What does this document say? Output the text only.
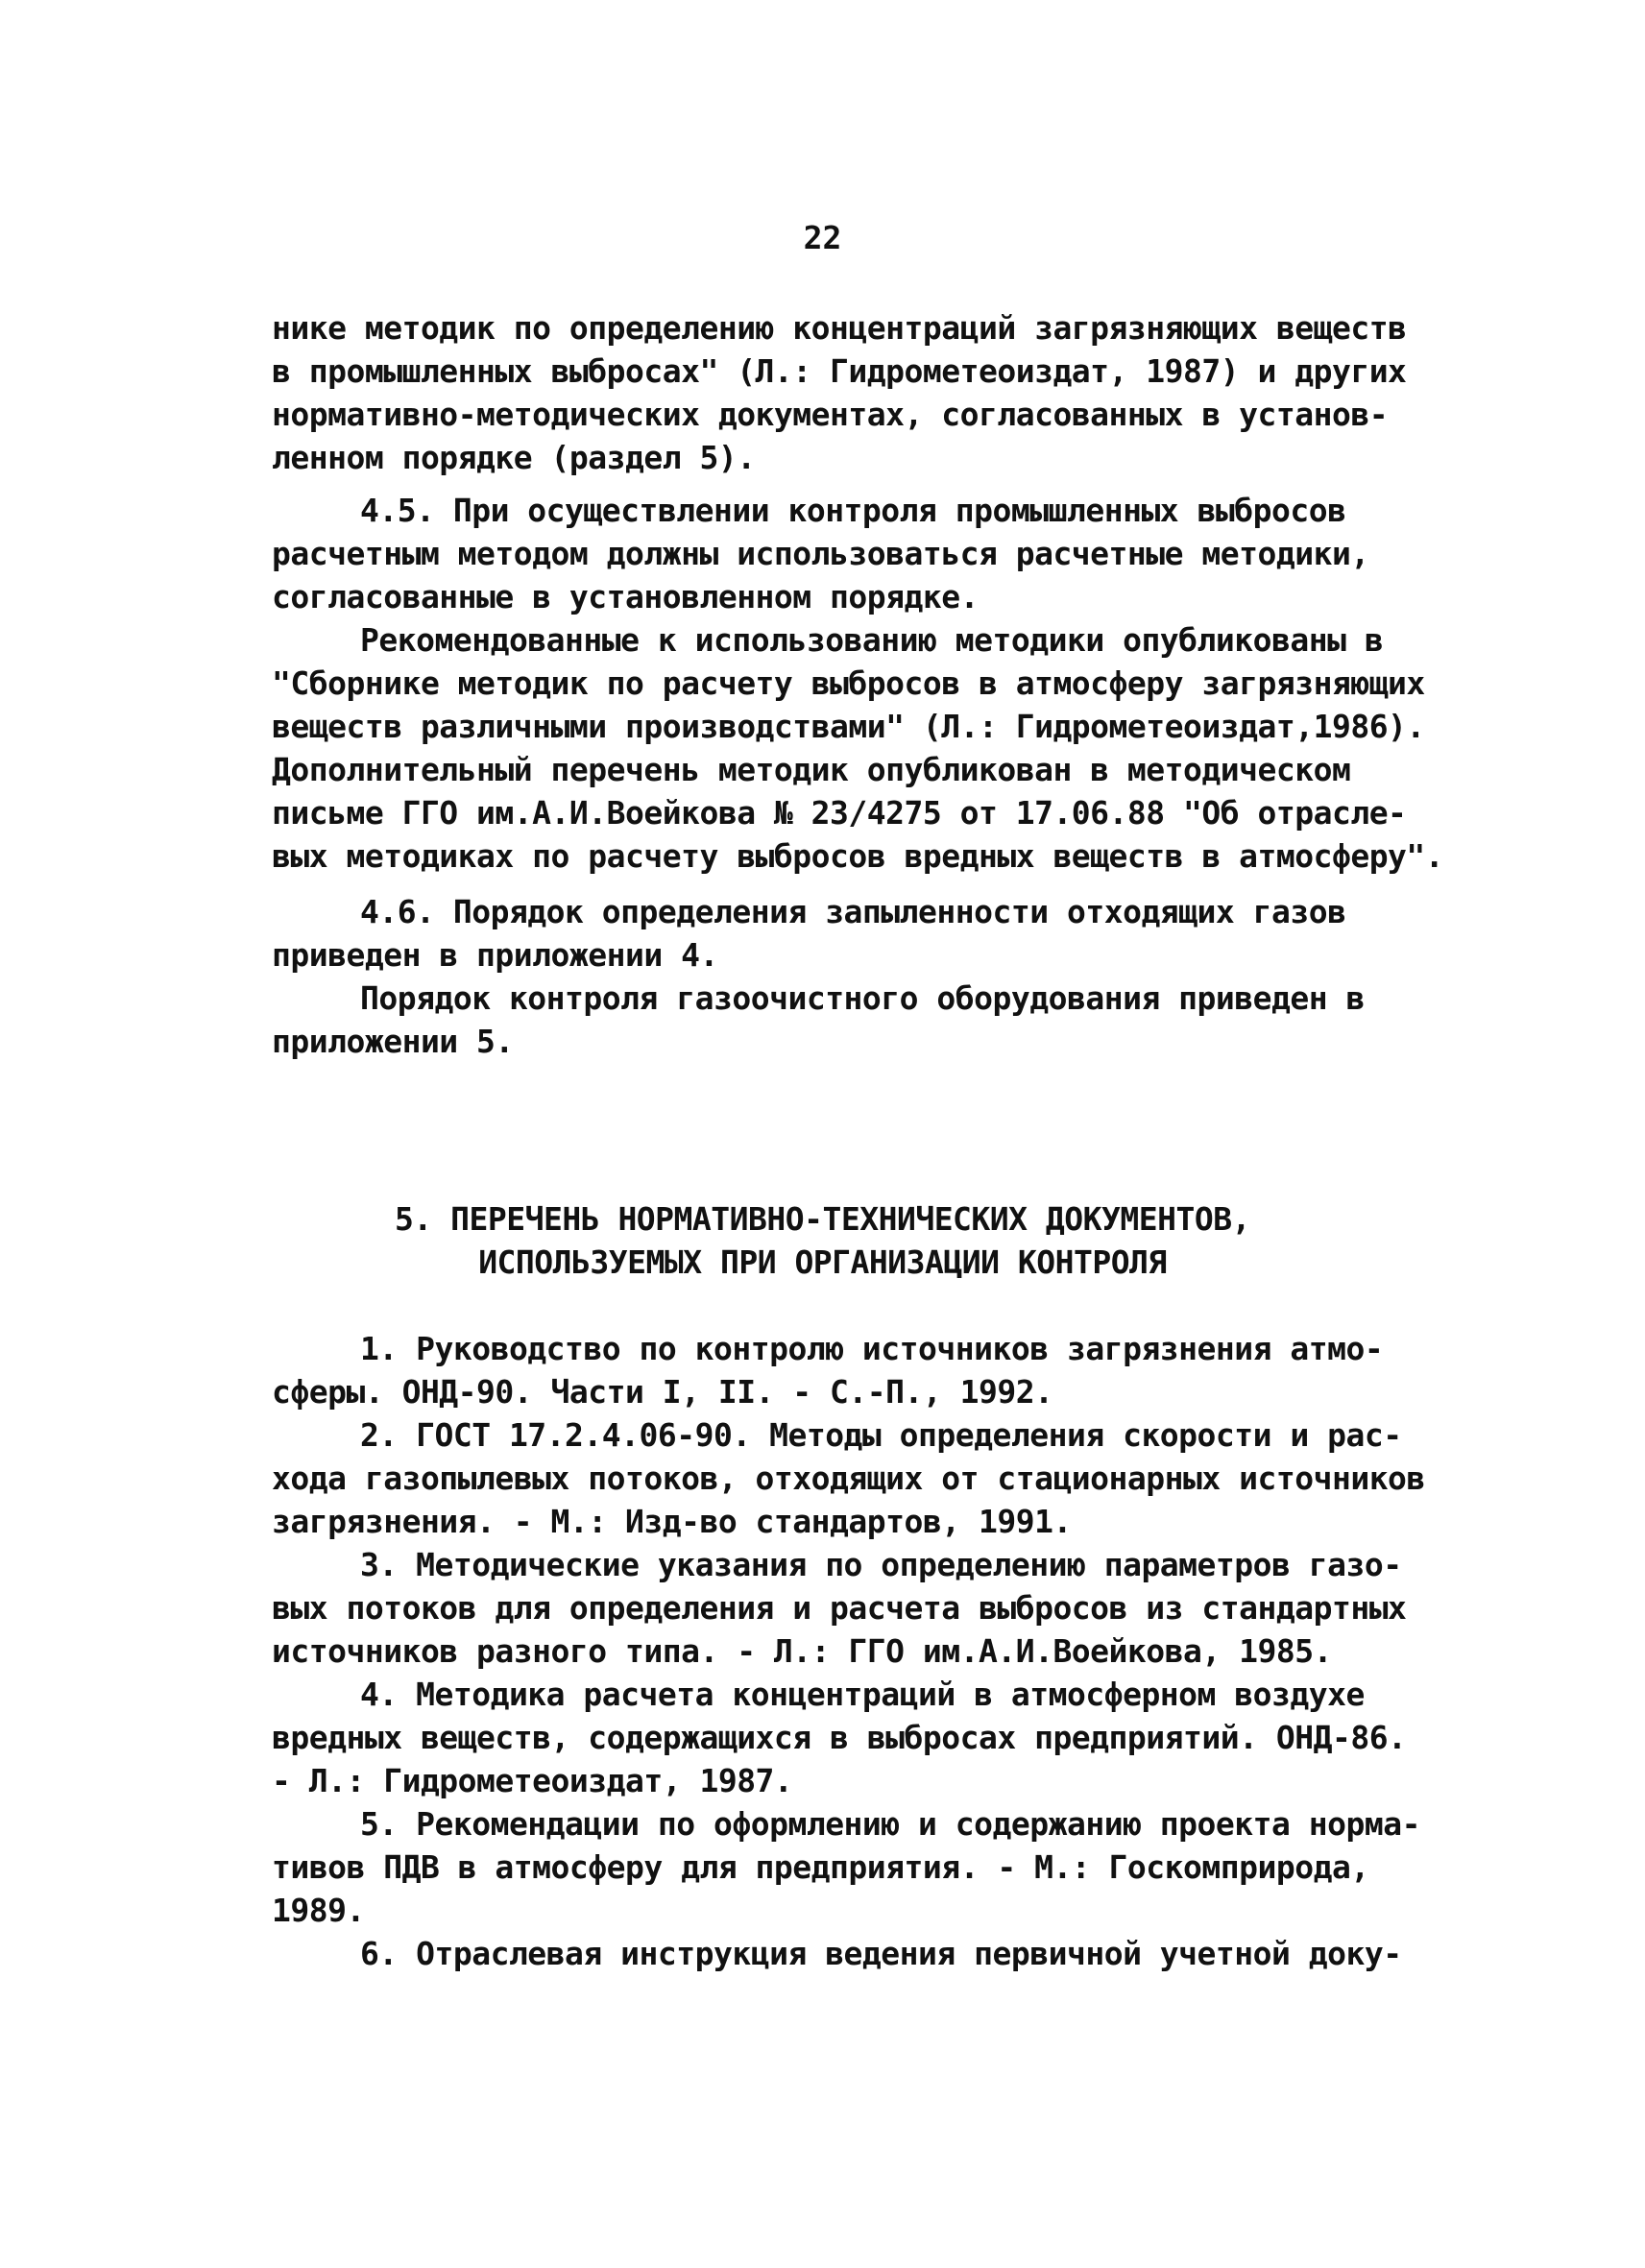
22
нике методик по определению концентраций загрязняющих веществ
в промышленных выбросах" (Л.: Гидрометеоиздат, 1987) и других
нормативно-методических документах, согласованных в установ-
ленном порядке (раздел 5).
4.5. При осуществлении контроля промышленных выбросов
расчетным методом должны использоваться расчетные методики,
согласованные в установленном порядке.
Рекомендованные к использованию методики опубликованы в
"Сборнике методик по расчету выбросов в атмосферу загрязняющих
веществ различными производствами" (Л.: Гидрометеоиздат,1986).
Дополнительный перечень методик опубликован в методическом
письме ГГО им.А.И.Воейкова № 23/4275 от 17.06.88 "Об отрасле-
вых методиках по расчету выбросов вредных веществ в атмосферу".
4.6. Порядок определения запыленности отходящих газов
приведен в приложении 4.
Порядок контроля газоочистного оборудования приведен в
приложении 5.
5. ПЕРЕЧЕНЬ НОРМАТИВНО-ТЕХНИЧЕСКИХ ДОКУМЕНТОВ,
ИСПОЛЬЗУЕМЫХ ПРИ ОРГАНИЗАЦИИ КОНТРОЛЯ
1. Руководство по контролю источников загрязнения атмо-
сферы. ОНД-90. Части I, II. - С.-П., 1992.
2. ГОСТ 17.2.4.06-90. Методы определения скорости и рас-
хода газопылевых потоков, отходящих от стационарных источников
загрязнения. - М.: Изд-во стандартов, 1991.
3. Методические указания по определению параметров газо-
вых потоков для определения и расчета выбросов из стандартных
источников разного типа. - Л.: ГГО им.А.И.Воейкова, 1985.
4. Методика расчета концентраций в атмосферном воздухе
вредных веществ, содержащихся в выбросах предприятий. ОНД-86.
- Л.: Гидрометеоиздат, 1987.
5. Рекомендации по оформлению и содержанию проекта норма-
тивов ПДВ в атмосферу для предприятия. - М.: Госкомприрода,
1989.
6. Отраслевая инструкция ведения первичной учетной доку-
